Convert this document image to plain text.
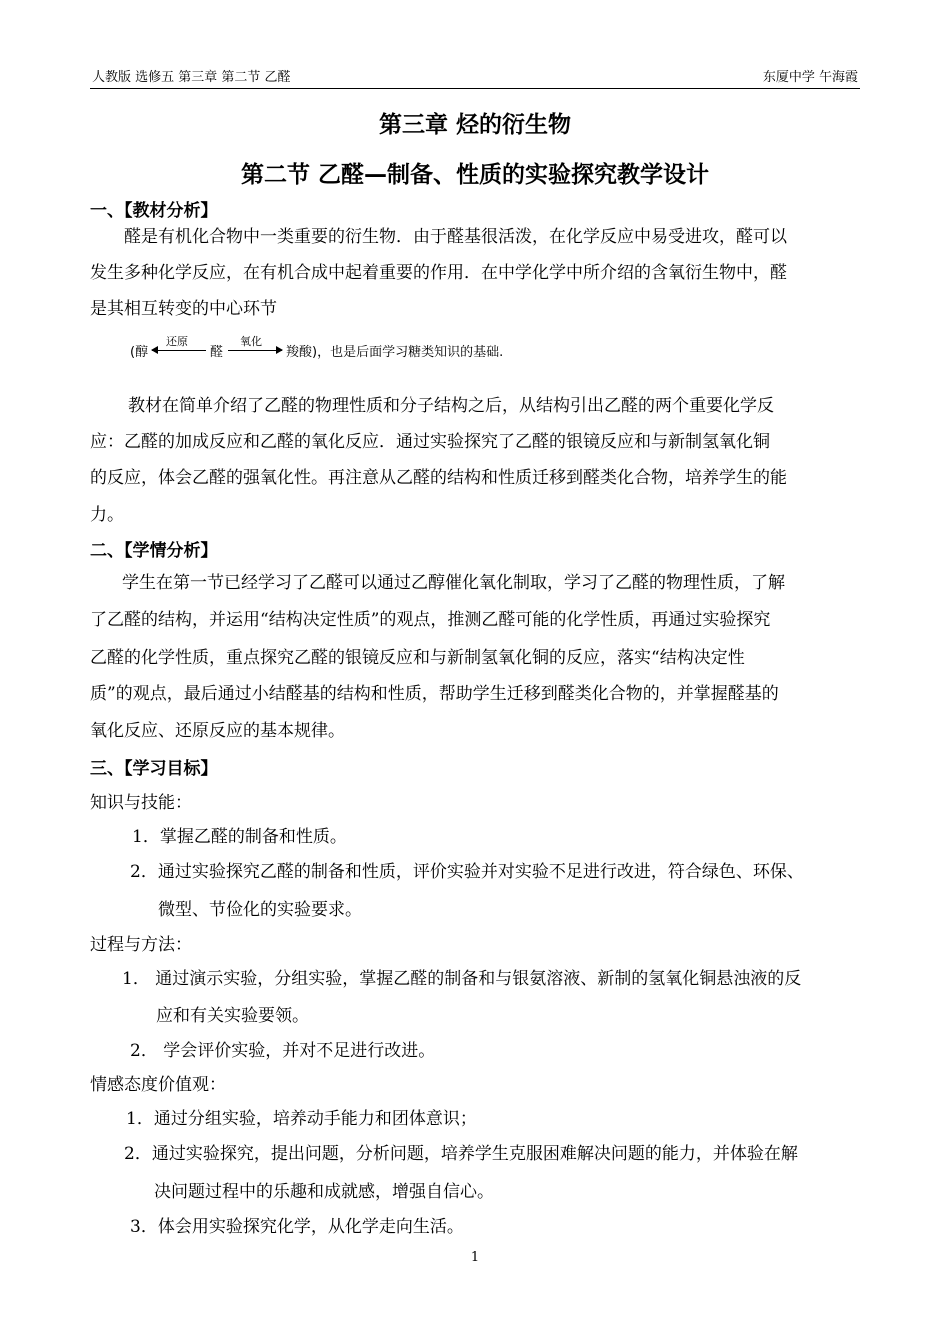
人教版 选修五 第三章 第二节 乙醛	东厦中学 午海霞
第三章 烃的衍生物
第二节 乙醛—制备、性质的实验探究教学设计
一、【教材分析】
醛是有机化合物中一类重要的衍生物．由于醛基很活泼，在化学反应中易受进攻，醛可以
发生多种化学反应，在有机合成中起着重要的作用．在中学化学中所介绍的含氧衍生物中，醛
是其相互转变的中心环节
(醇
还原
醛
氧化
羧酸)，也是后面学习糖类知识的基础.
教材在简单介绍了乙醛的物理性质和分子结构之后，从结构引出乙醛的两个重要化学反
应：乙醛的加成反应和乙醛的氧化反应．通过实验探究了乙醛的银镜反应和与新制氢氧化铜
的反应，体会乙醛的强氧化性。再注意从乙醛的结构和性质迁移到醛类化合物，培养学生的能
力。
二、【学情分析】
学生在第一节已经学习了乙醛可以通过乙醇催化氧化制取，学习了乙醛的物理性质，了解
了乙醛的结构，并运用“结构决定性质”的观点，推测乙醛可能的化学性质，再通过实验探究
乙醛的化学性质，重点探究乙醛的银镜反应和与新制氢氧化铜的反应，落实“结构决定性
质”的观点，最后通过小结醛基的结构和性质，帮助学生迁移到醛类化合物的，并掌握醛基的
氧化反应、还原反应的基本规律。
三、【学习目标】
知识与技能：
1．掌握乙醛的制备和性质。
2．通过实验探究乙醛的制备和性质，评价实验并对实验不足进行改进，符合绿色、环保、
微型、节俭化的实验要求。
过程与方法：
1． 通过演示实验，分组实验，掌握乙醛的制备和与银氨溶液、新制的氢氧化铜悬浊液的反
应和有关实验要领。
2． 学会评价实验，并对不足进行改进。
情感态度价值观：
1．通过分组实验，培养动手能力和团体意识；
2．通过实验探究，提出问题，分析问题，培养学生克服困难解决问题的能力，并体验在解
决问题过程中的乐趣和成就感，增强自信心。
3．体会用实验探究化学，从化学走向生活。
1
